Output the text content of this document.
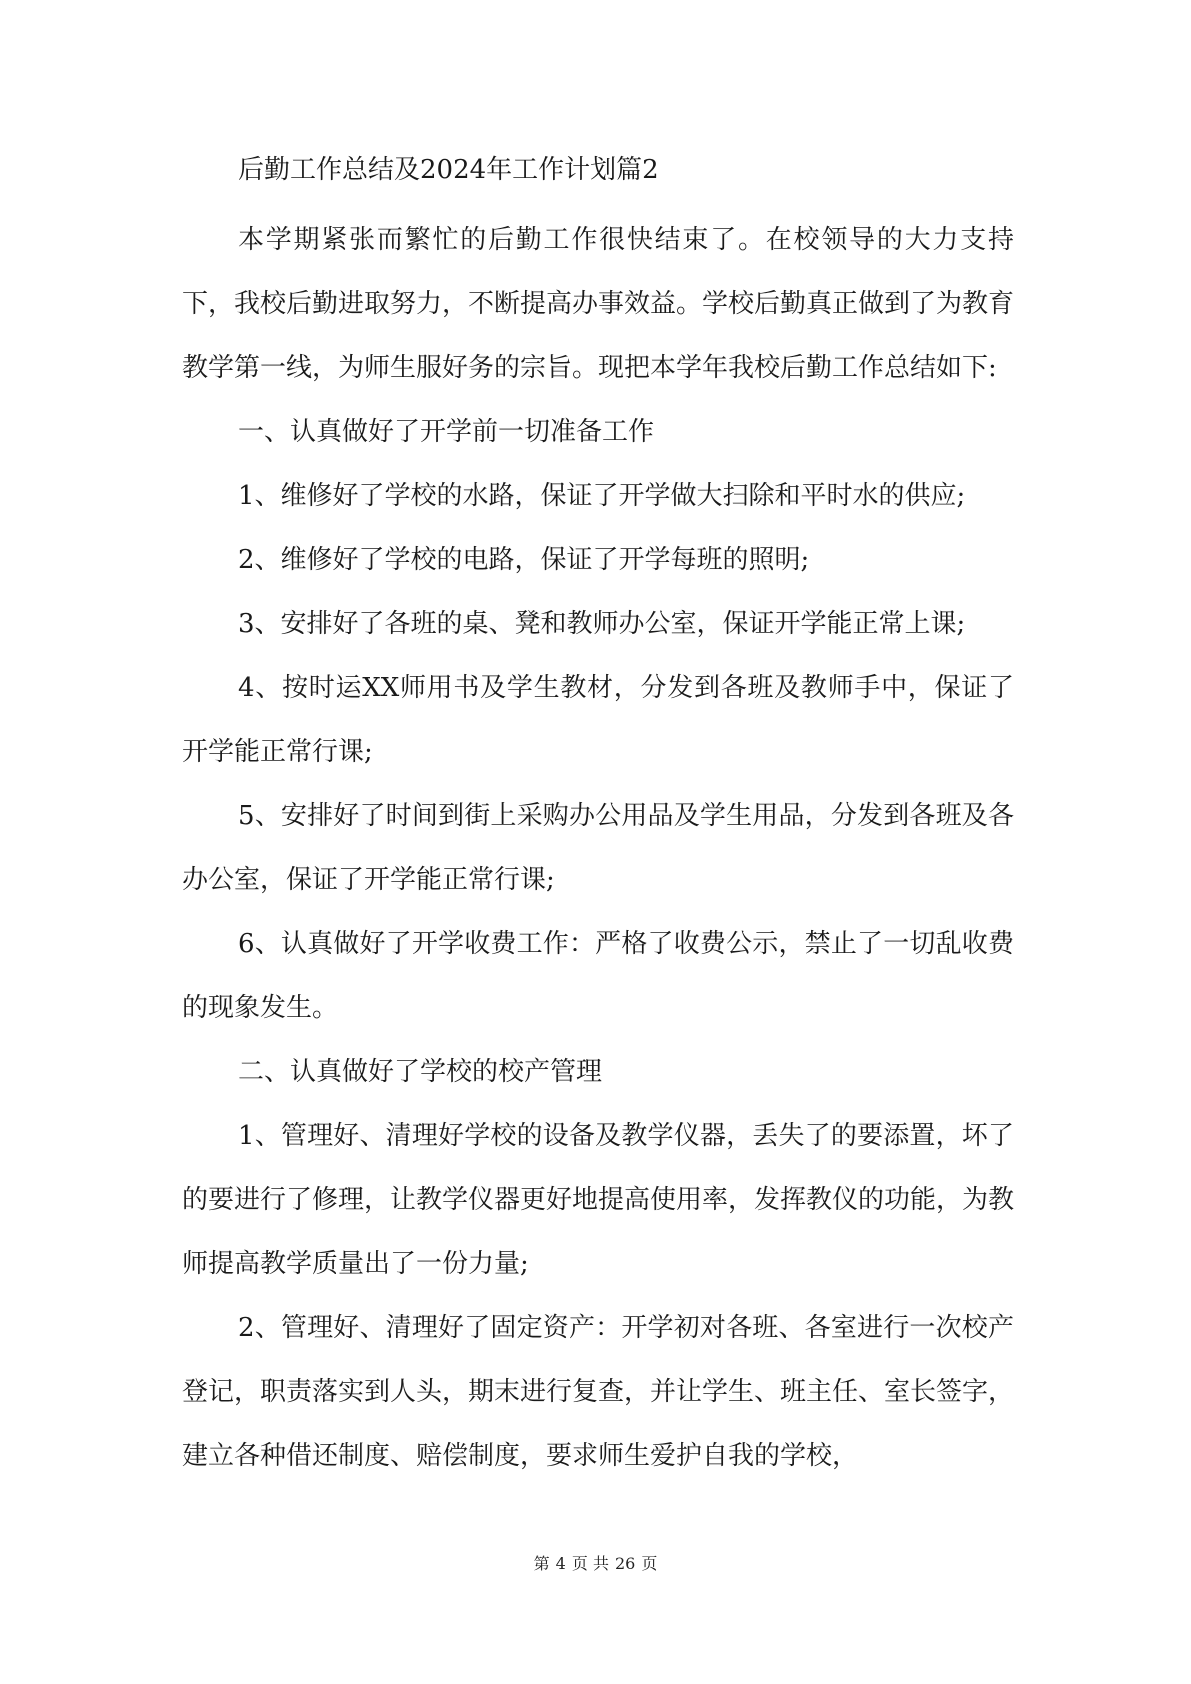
后勤工作总结及2024年工作计划篇2

本学期紧张而繁忙的后勤工作很快结束了。在校领导的大力支持下，我校后勤进取努力，不断提高办事效益。学校后勤真正做到了为教育教学第一线，为师生服好务的宗旨。现把本学年我校后勤工作总结如下:

一、认真做好了开学前一切准备工作

1、维修好了学校的水路，保证了开学做大扫除和平时水的供应;

2、维修好了学校的电路，保证了开学每班的照明;

3、安排好了各班的桌、凳和教师办公室，保证开学能正常上课;

4、按时运XX师用书及学生教材，分发到各班及教师手中，保证了开学能正常行课;

5、安排好了时间到街上采购办公用品及学生用品，分发到各班及各办公室，保证了开学能正常行课;

6、认真做好了开学收费工作：严格了收费公示，禁止了一切乱收费的现象发生。

二、认真做好了学校的校产管理

1、管理好、清理好学校的设备及教学仪器，丢失了的要添置，坏了的要进行了修理，让教学仪器更好地提高使用率，发挥教仪的功能，为教师提高教学质量出了一份力量;

2、管理好、清理好了固定资产：开学初对各班、各室进行一次校产登记，职责落实到人头，期末进行复查，并让学生、班主任、室长签字，建立各种借还制度、赔偿制度，要求师生爱护自我的学校，

第 4 页 共 26 页
